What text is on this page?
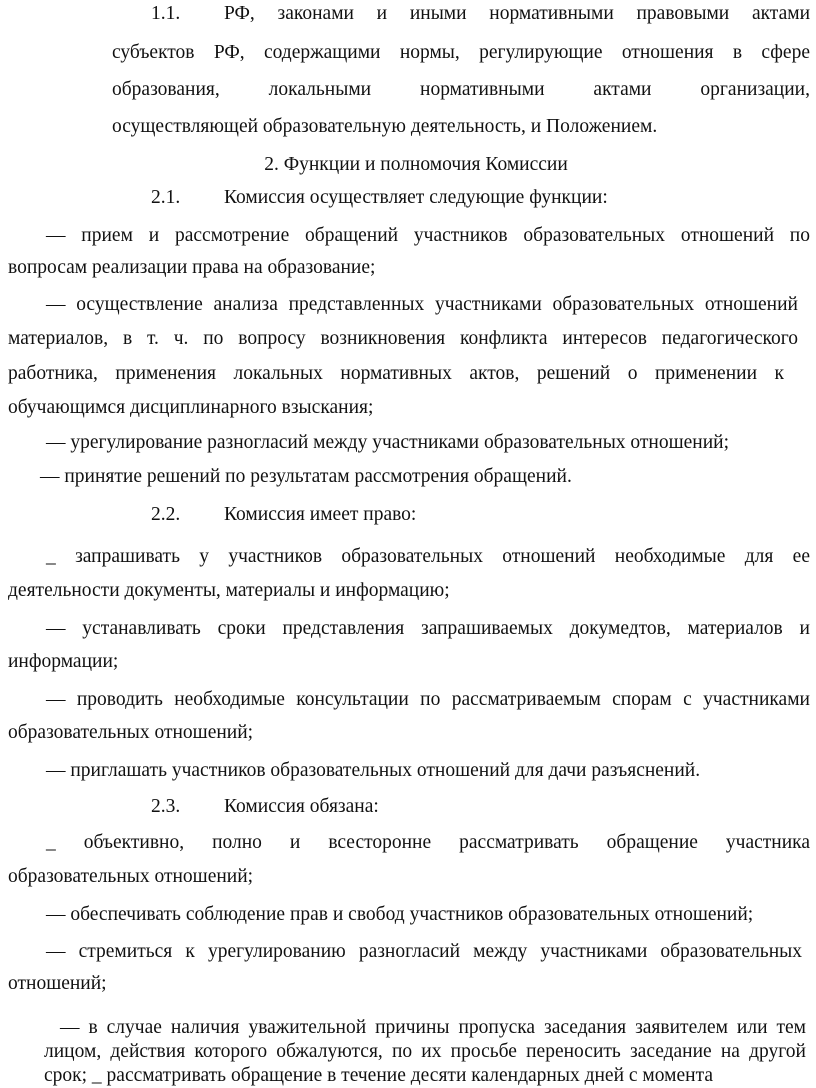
1.1. РФ, законами и иными нормативными правовыми актами
субъектов РФ, содержащими нормы, регулирующие отношения в сфере
образования, локальными нормативными актами организации,
осуществляющей образовательную деятельность, и Положением.
2. Функции и полномочия Комиссии
2.1. Комиссия осуществляет следующие функции:
— прием и рассмотрение обращений участников образовательных отношений по
вопросам реализации права на образование;
— осуществление анализа представленных участниками образовательных отношений
материалов, в т. ч. по вопросу возникновения конфликта интересов педагогического
работника, применения локальных нормативных актов, решений о применении к
обучающимся дисциплинарного взыскания;
— урегулирование разногласий между участниками образовательных отношений;
— принятие решений по результатам рассмотрения обращений.
2.2. Комиссия имеет право:
_ запрашивать у участников образовательных отношений необходимые для ее
деятельности документы, материалы и информацию;
— устанавливать сроки представления запрашиваемых докумедтов, материалов и
информации;
— проводить необходимые консультации по рассматриваемым спорам с участниками
образовательных отношений;
— приглашать участников образовательных отношений для дачи разъяснений.
2.3. Комиссия обязана:
_ объективно, полно и всесторонне рассматривать обращение участника
образовательных отношений;
— обеспечивать соблюдение прав и свобод участников образовательных отношений;
— стремиться к урегулированию разногласий между участниками образовательных
отношений;
— в случае наличия уважительной причины пропуска заседания заявителем или тем
лицом, действия которого обжалуются, по их просьбе переносить заседание на другой
срок; _ рассматривать обращение в течение десяти календарных дней с момента
